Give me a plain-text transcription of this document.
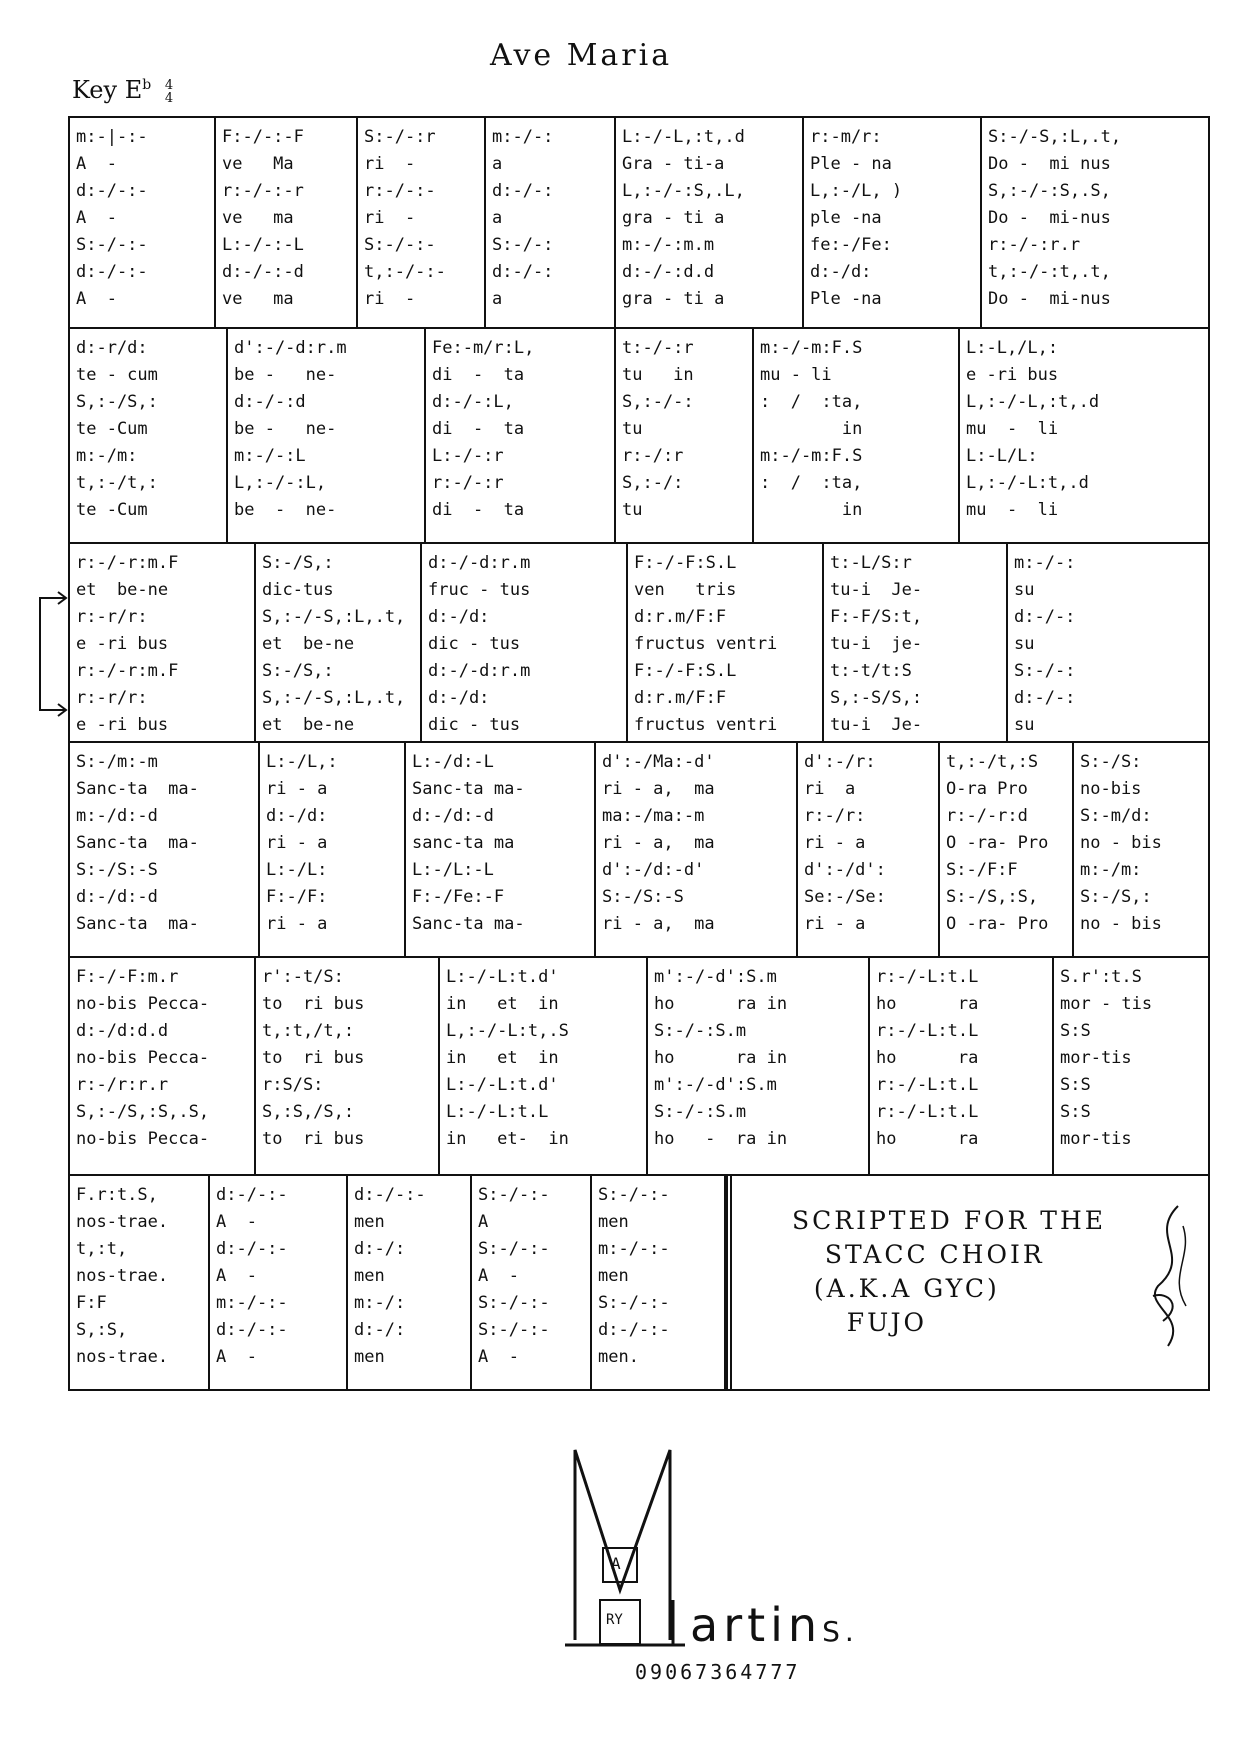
Ave Maria
Key $E^b$ 4
4
m:-|-:-
A  -
d:-/-:-
A  -
S:-/-:-
d:-/-:-
A  -
F:-/-:-F
ve   Ma
r:-/-:-r
ve   ma
L:-/-:-L
d:-/-:-d
ve   ma
S:-/-:r
ri  -
r:-/-:-
ri  -
S:-/-:-
t,:-/-:-
ri  -
m:-/-:
a
d:-/-:
a
S:-/-:
d:-/-:
a
L:-/-L,:t,.d
Gra - ti-a
L,:-/-:S,.L,
gra - ti a
m:-/-:m.m
d:-/-:d.d
gra - ti a
r:-m/r:
Ple - na
L,:-/L, )
ple -na
fe:-/Fe:
d:-/d:
Ple -na
S:-/-S,:L,.t,
Do -  mi nus
S,:-/-:S,.S,
Do -  mi-nus
r:-/-:r.r
t,:-/-:t,.t,
Do -  mi-nus
d:-r/d:
te - cum
S,:-/S,:
te -Cum
m:-/m:
t,:-/t,:
te -Cum
d':-/-d:r.m
be -   ne-
d:-/-:d
be -   ne-
m:-/-:L
L,:-/-:L,
be  -  ne-
Fe:-m/r:L,
di  -  ta
d:-/-:L,
di  -  ta
L:-/-:r
r:-/-:r
di  -  ta
t:-/-:r
tu   in
S,:-/-:
tu
r:-/:r
S,:-/:
tu
m:-/-m:F.S
mu - li
:  /  :ta,
in
m:-/-m:F.S
:  /  :ta,
in
L:-L,/L,:
e -ri bus
L,:-/-L,:t,.d
mu  -  li
L:-L/L:
L,:-/-L:t,.d
mu  -  li
r:-/-r:m.F
et  be-ne
r:-r/r:
e -ri bus
r:-/-r:m.F
r:-r/r:
e -ri bus
S:-/S,:
dic-tus
S,:-/-S,:L,.t,
et  be-ne
S:-/S,:
S,:-/-S,:L,.t,
et  be-ne
d:-/-d:r.m
fruc - tus
d:-/d:
dic - tus
d:-/-d:r.m
d:-/d:
dic - tus
F:-/-F:S.L
ven   tris
d:r.m/F:F
fructus ventri
F:-/-F:S.L
d:r.m/F:F
fructus ventri
t:-L/S:r
tu-i  Je-
F:-F/S:t,
tu-i  je-
t:-t/t:S
S,:-S/S,:
tu-i  Je-
m:-/-:
su
d:-/-:
su
S:-/-:
d:-/-:
su
S:-/m:-m
Sanc-ta  ma-
m:-/d:-d
Sanc-ta  ma-
S:-/S:-S
d:-/d:-d
Sanc-ta  ma-
L:-/L,:
ri - a
d:-/d:
ri - a
L:-/L:
F:-/F:
ri - a
L:-/d:-L
Sanc-ta ma-
d:-/d:-d
sanc-ta ma
L:-/L:-L
F:-/Fe:-F
Sanc-ta ma-
d':-/Ma:-d'
ri - a,  ma
ma:-/ma:-m
ri - a,  ma
d':-/d:-d'
S:-/S:-S
ri - a,  ma
d':-/r:
ri  a
r:-/r:
ri - a
d':-/d':
Se:-/Se:
ri - a
t,:-/t,:S
O-ra Pro
r:-/-r:d
O -ra- Pro
S:-/F:F
S:-/S,:S,
O -ra- Pro
S:-/S:
no-bis
S:-m/d:
no - bis
m:-/m:
S:-/S,:
no - bis
F:-/-F:m.r
no-bis Pecca-
d:-/d:d.d
no-bis Pecca-
r:-/r:r.r
S,:-/S,:S,.S,
no-bis Pecca-
r':-t/S:
to  ri bus
t,:t,/t,:
to  ri bus
r:S/S:
S,:S,/S,:
to  ri bus
L:-/-L:t.d'
in   et  in
L,:-/-L:t,.S
in   et  in
L:-/-L:t.d'
L:-/-L:t.L
in   et-  in
m':-/-d':S.m
ho      ra in
S:-/-:S.m
ho      ra in
m':-/-d':S.m
S:-/-:S.m
ho   -  ra in
r:-/-L:t.L
ho      ra
r:-/-L:t.L
ho      ra
r:-/-L:t.L
r:-/-L:t.L
ho      ra
S.r':t.S
mor - tis
S:S
mor-tis
S:S
S:S
mor-tis
F.r:t.S,
nos-trae.
t,:t,
nos-trae.
F:F
S,:S,
nos-trae.
d:-/-:-
A  -
d:-/-:-
A  -
m:-/-:-
d:-/-:-
A  -
d:-/-:-
men
d:-/:
men
m:-/:
d:-/:
men
S:-/-:-
A
S:-/-:-
A  -
S:-/-:-
S:-/-:-
A  -
S:-/-:-
men
m:-/-:-
men
S:-/-:-
d:-/-:-
men.
SCRIPTED FOR THE
STACC CHOIR
(A.K.A GYC)
FUJO
A
RY artinS.
09067364777
